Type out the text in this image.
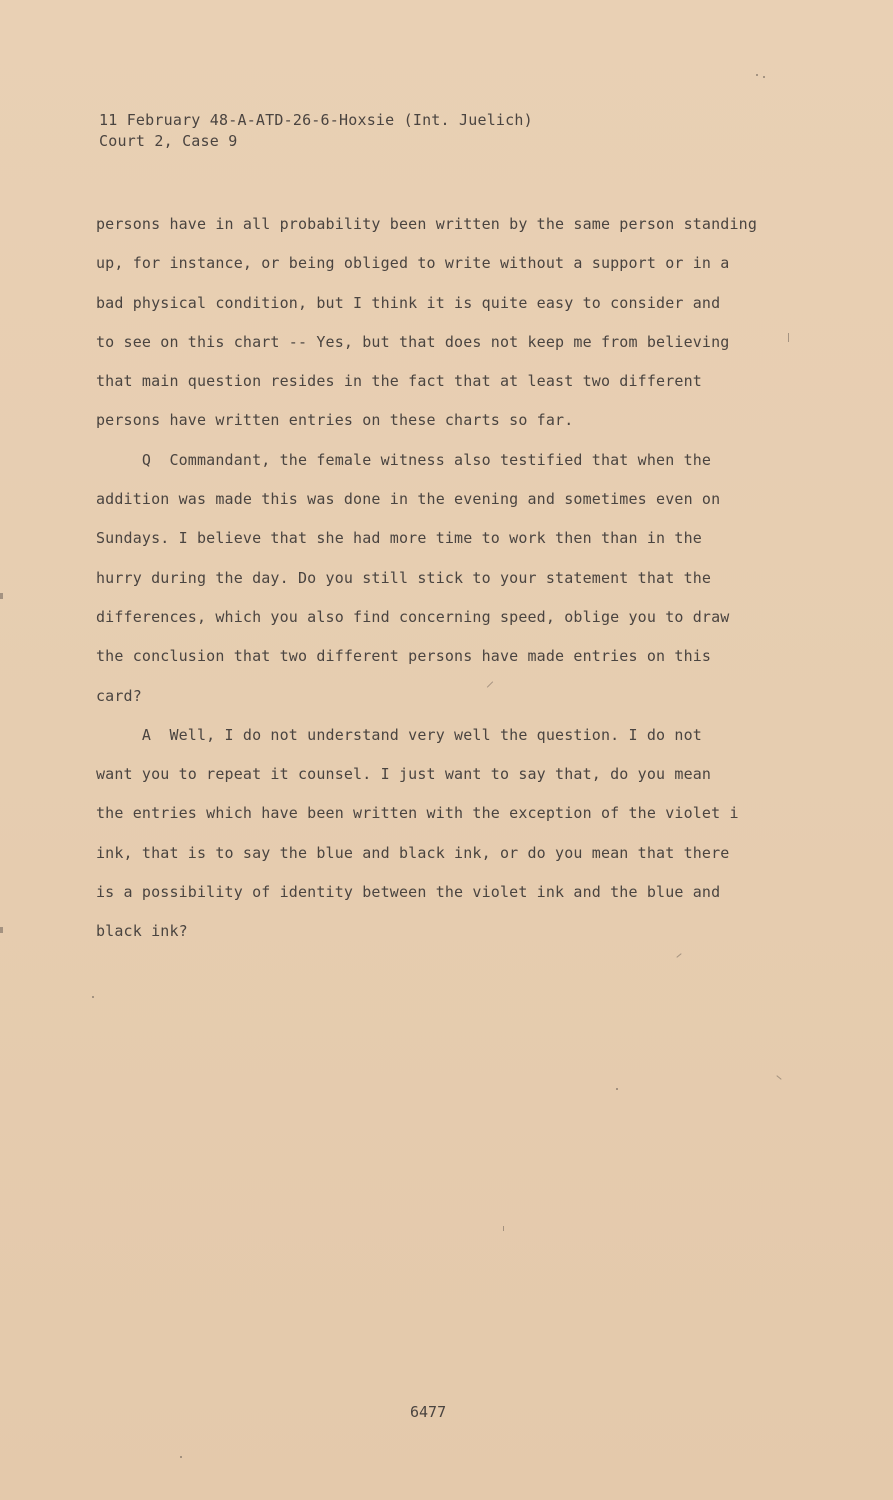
11 February 48-A-ATD-26-6-Hoxsie (Int. Juelich)
Court 2, Case 9
persons have in all probability been written by the same person standing
up, for instance, or being obliged to write without a support or in a
bad physical condition, but I think it is quite easy to consider and
to see on this chart -- Yes, but that does not keep me from believing
that main question resides in the fact that at least two different
persons have written entries on these charts so far.
Q  Commandant, the female witness also testified that when the
addition was made this was done in the evening and sometimes even on
Sundays. I believe that she had more time to work then than in the
hurry during the day. Do you still stick to your statement that the
differences, which you also find concerning speed, oblige you to draw
the conclusion that two different persons have made entries on this
card?
A  Well, I do not understand very well the question. I do not
want you to repeat it counsel. I just want to say that, do you mean
the entries which have been written with the exception of the violet i
ink, that is to say the blue and black ink, or do you mean that there
is a possibility of identity between the violet ink and the blue and
black ink?
6477
